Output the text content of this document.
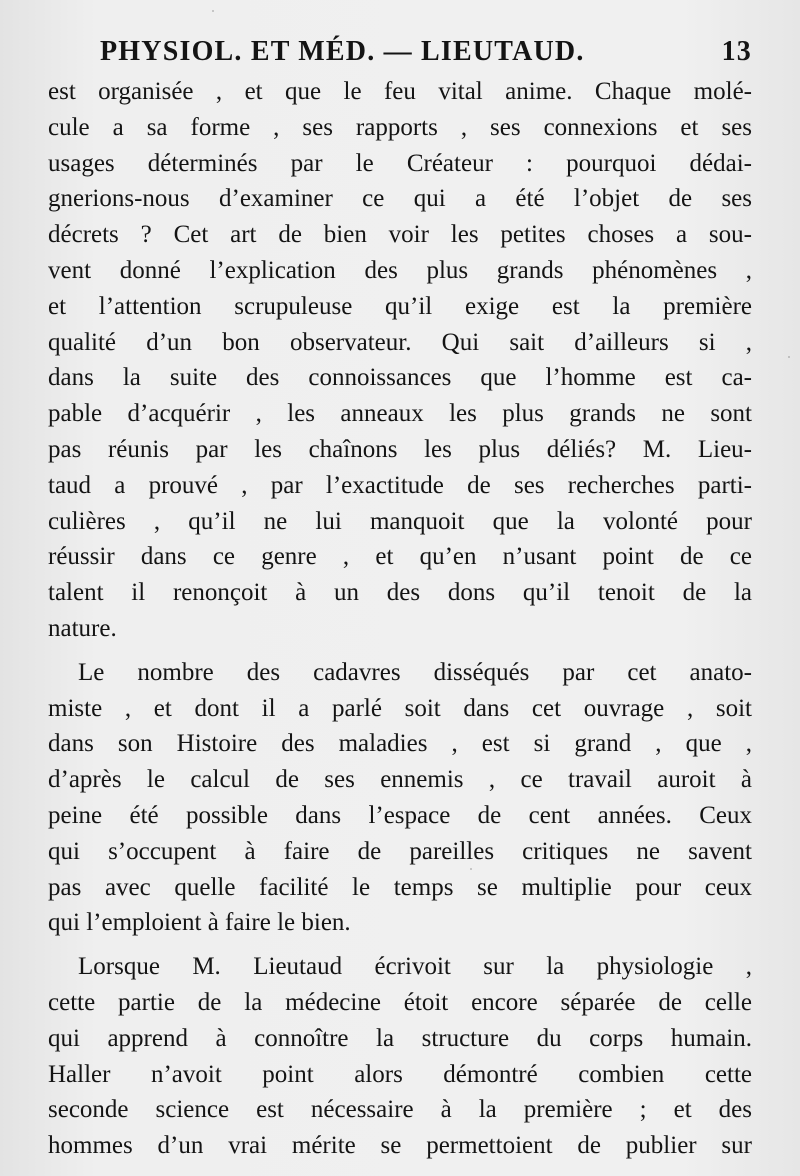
PHYSIOL. ET MÉD. — LIEUTAUD.	13
est organisée , et que le feu vital anime. Chaque molé-
cule a sa forme , ses rapports , ses connexions et ses
usages déterminés par le Créateur : pourquoi dédai-
gnerions-nous d’examiner ce qui a été l’objet de ses
décrets ? Cet art de bien voir les petites choses a sou-
vent donné l’explication des plus grands phénomènes ,
et l’attention scrupuleuse qu’il exige est la première
qualité d’un bon observateur. Qui sait d’ailleurs si ,
dans la suite des connoissances que l’homme est ca-
pable d’acquérir , les anneaux les plus grands ne sont
pas réunis par les chaînons les plus déliés? M. Lieu-
taud a prouvé , par l’exactitude de ses recherches parti-
culières , qu’il ne lui manquoit que la volonté pour
réussir dans ce genre , et qu’en n’usant point de ce
talent il renonçoit à un des dons qu’il tenoit de la
nature.
Le nombre des cadavres disséqués par cet anato-
miste , et dont il a parlé soit dans cet ouvrage , soit
dans son Histoire des maladies , est si grand , que ,
d’après le calcul de ses ennemis , ce travail auroit à
peine été possible dans l’espace de cent années. Ceux
qui s’occupent à faire de pareilles critiques ne savent
pas avec quelle facilité le temps se multiplie pour ceux
qui l’emploient à faire le bien.
Lorsque M. Lieutaud écrivoit sur la physiologie ,
cette partie de la médecine étoit encore séparée de celle
qui apprend à connoître la structure du corps humain.
Haller n’avoit point alors démontré combien cette
seconde science est nécessaire à la première ; et des
hommes d’un vrai mérite se permettoient de publier sur
